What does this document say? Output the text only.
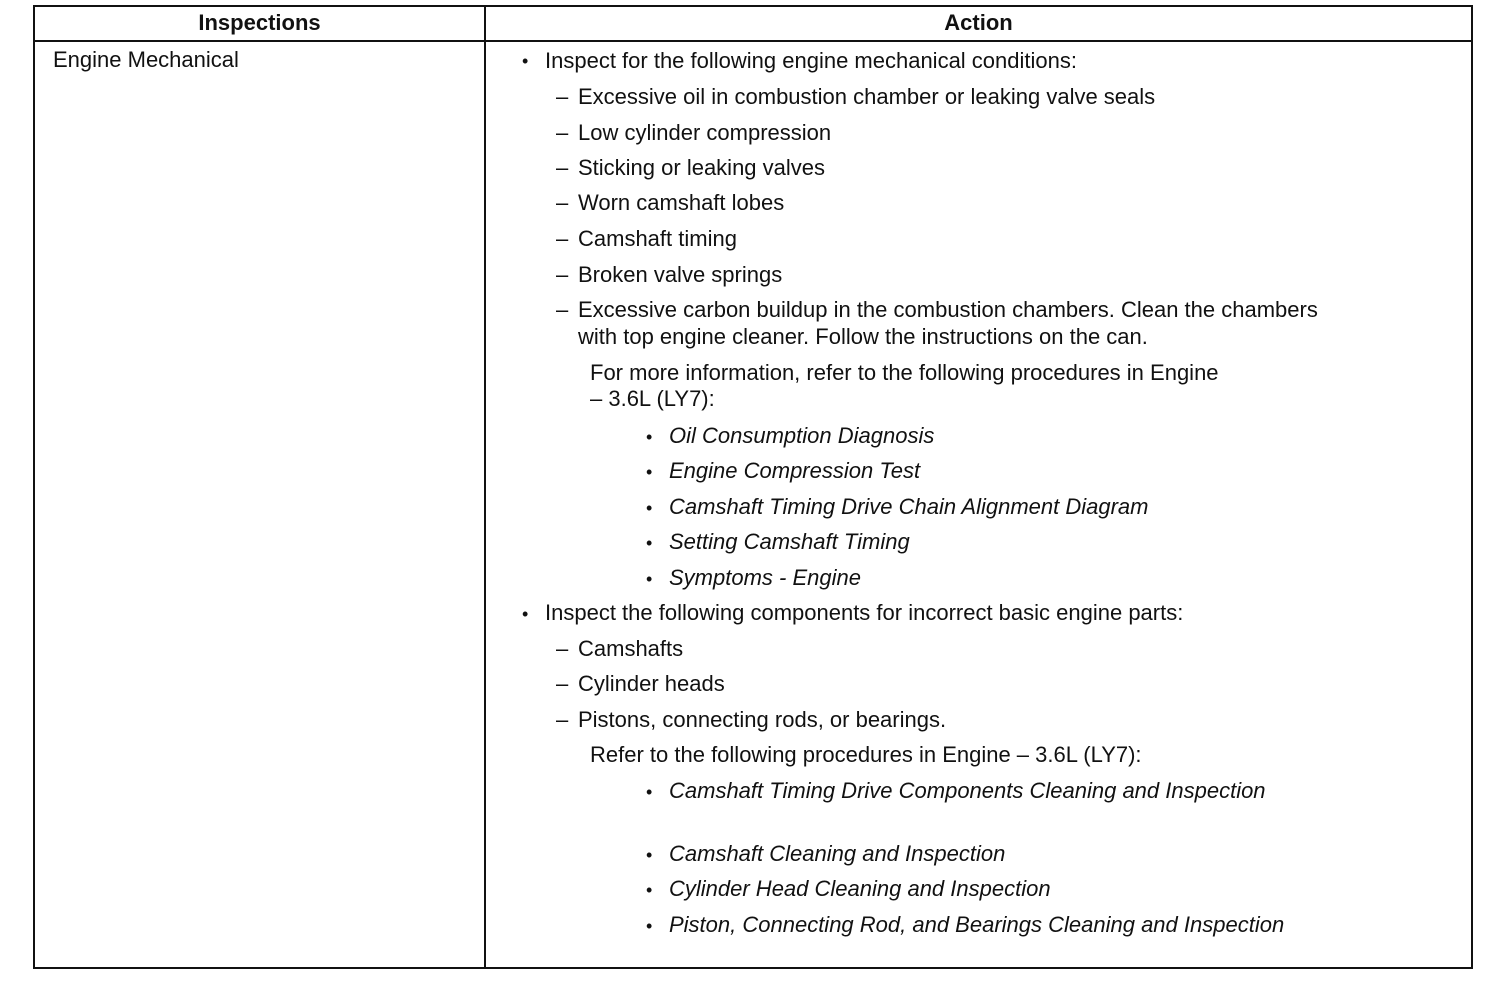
Inspections	Action
Engine Mechanical	• Inspect for the following engine mechanical conditions:
– Excessive oil in combustion chamber or leaking valve seals
– Low cylinder compression
– Sticking or leaking valves
– Worn camshaft lobes
– Camshaft timing
– Broken valve springs
– Excessive carbon buildup in the combustion chambers. Clean the chambers
with top engine cleaner. Follow the instructions on the can.
For more information, refer to the following procedures in Engine
– 3.6L (LY7):
• Oil Consumption Diagnosis
• Engine Compression Test
• Camshaft Timing Drive Chain Alignment Diagram
• Setting Camshaft Timing
• Symptoms - Engine
• Inspect the following components for incorrect basic engine parts:
– Camshafts
– Cylinder heads
– Pistons, connecting rods, or bearings.
Refer to the following procedures in Engine – 3.6L (LY7):
• Camshaft Timing Drive Components Cleaning and Inspection
• Camshaft Cleaning and Inspection
• Cylinder Head Cleaning and Inspection
• Piston, Connecting Rod, and Bearings Cleaning and Inspection
